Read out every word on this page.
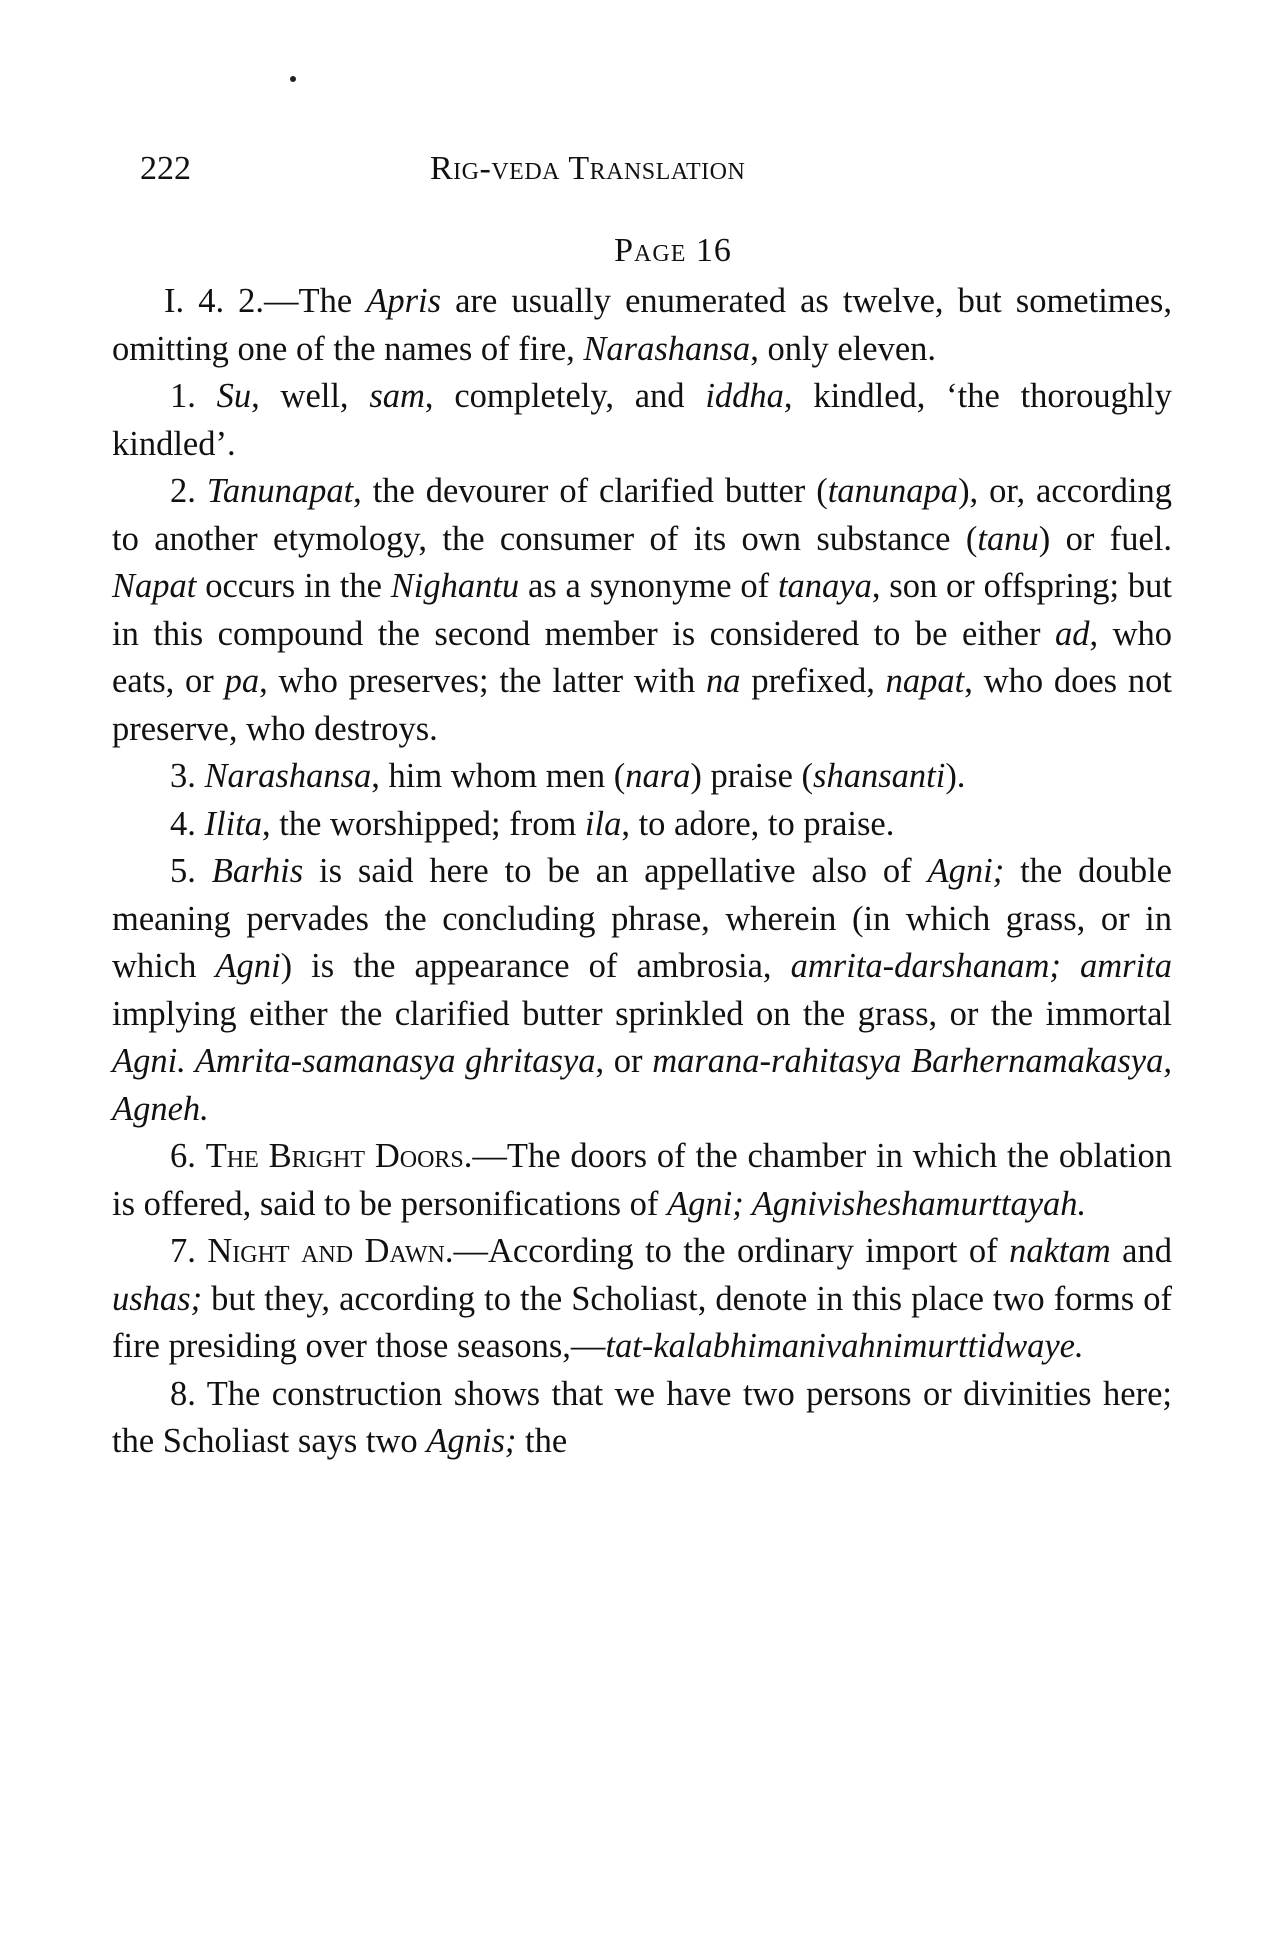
222	Rig-veda Translation
Page 16

I. 4. 2.—The Apris are usually enumerated as twelve, but sometimes, omitting one of the names of fire, Narashansa, only eleven.

1. Su, well, sam, completely, and iddha, kindled, ‘the thoroughly kindled’.

2. Tanunapat, the devourer of clarified butter (tanunapa), or, according to another etymology, the consumer of its own substance (tanu) or fuel. Napat occurs in the Nighantu as a synonyme of tanaya, son or offspring; but in this compound the second member is considered to be either ad, who eats, or pa, who preserves; the latter with na prefixed, napat, who does not preserve, who destroys.

3. Narashansa, him whom men (nara) praise (shansanti).

4. Ilita, the worshipped; from ila, to adore, to praise.

5. Barhis is said here to be an appellative also of Agni; the double meaning pervades the concluding phrase, wherein (in which grass, or in which Agni) is the appearance of ambrosia, amrita-darshanam; amrita implying either the clarified butter sprinkled on the grass, or the immortal Agni. Amrita-samanasya ghritasya, or marana-rahitasya Barhernamakasya, Agneh.

6. The Bright Doors.—The doors of the chamber in which the oblation is offered, said to be personifications of Agni; Agnivisheshamurttayah.

7. Night and Dawn.—According to the ordinary import of naktam and ushas; but they, according to the Scholiast, denote in this place two forms of fire presiding over those seasons,—tat-kalabhimanivahnimurttidwaye.

8. The construction shows that we have two persons or divinities here; the Scholiast says two Agnis; the
